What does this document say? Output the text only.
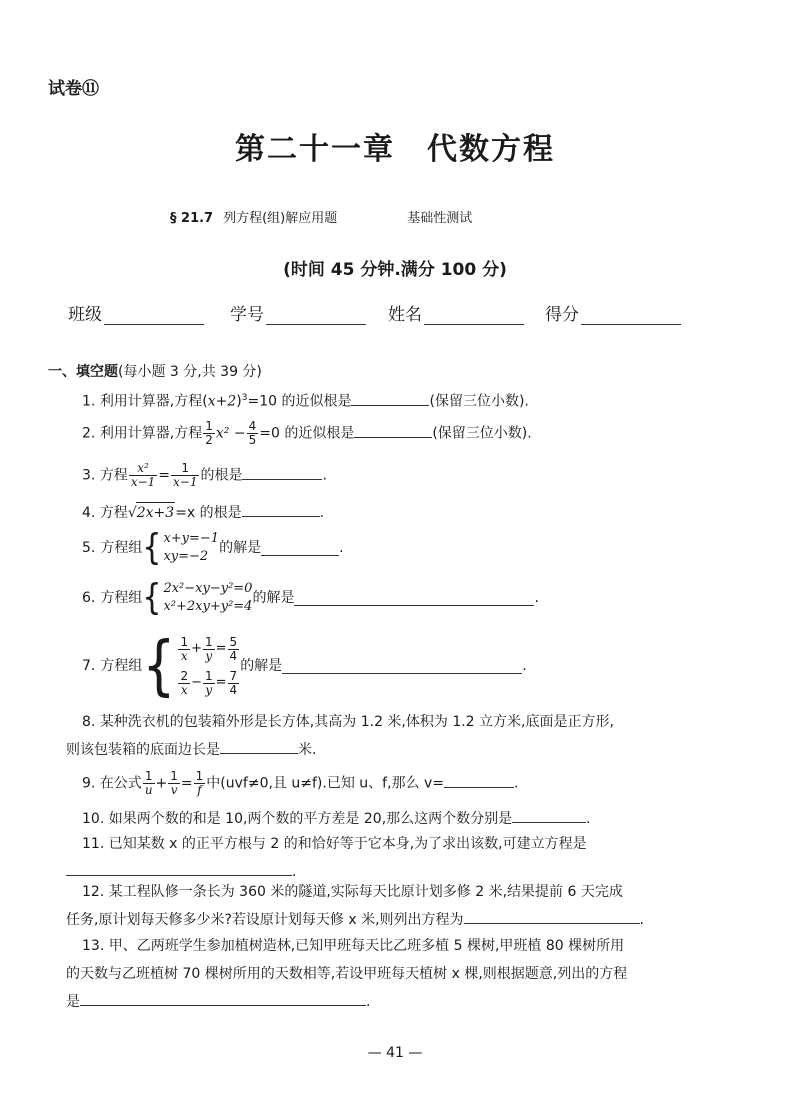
试卷⑪
第二十一章　代数方程
§ 21.7 列方程(组)解应用题	基础性测试
(时间 45 分钟.满分 100 分)
班级	学号	姓名	得分
一、填空题(每小题 3 分,共 39 分)
1. 利用计算器,方程$(x+2)^3=10$ 的近似根是	(保留三位小数).
2. 利用计算器,方程 $\frac{1}{2} x^2 - \frac{4}{5} =0$ 的近似根是	(保留三位小数).
3. 方程 $\frac{\text{x²}}{x-1} = \frac{1}{x-1}$ 的根是	.
4. 方程√2x+3=x 的根是	.
5. 方程组 { x+y=−1
xy=−2
的解是	.
6. 方程组 { 2x²−xy−y²=0
x²+2xy+y²=4
的解是	.
7. 方程组 { $\frac{1}{x} + \frac{1}{y} = \frac{5}{4}$
$\frac{2}{x} - \frac{1}{y} = \frac{7}{4}$
的解是	.
8. 某种洗衣机的包装箱外形是长方体,其高为 1.2 米,体积为 1.2 立方米,底面是正方形,
则该包装箱的底面边长是	米.
9. 在公式 $\frac{1}{u} + \frac{1}{v} = \frac{1}{f}$ 中(uvf≠0,且 u≠f).已知 u、f,那么 v=	.
10. 如果两个数的和是 10,两个数的平方差是 20,那么这两个数分别是	.
11. 已知某数 x 的正平方根与 2 的和恰好等于它本身,为了求出该数,可建立方程是
.
12. 某工程队修一条长为 360 米的隧道,实际每天比原计划多修 2 米,结果提前 6 天完成
任务,原计划每天修多少米?若设原计划每天修 x 米,则列出方程为	.
13. 甲、乙两班学生参加植树造林,已知甲班每天比乙班多植 5 棵树,甲班植 80 棵树所用
的天数与乙班植树 70 棵树所用的天数相等,若设甲班每天植树 x 棵,则根据题意,列出的方程
是	.
— 41 —
